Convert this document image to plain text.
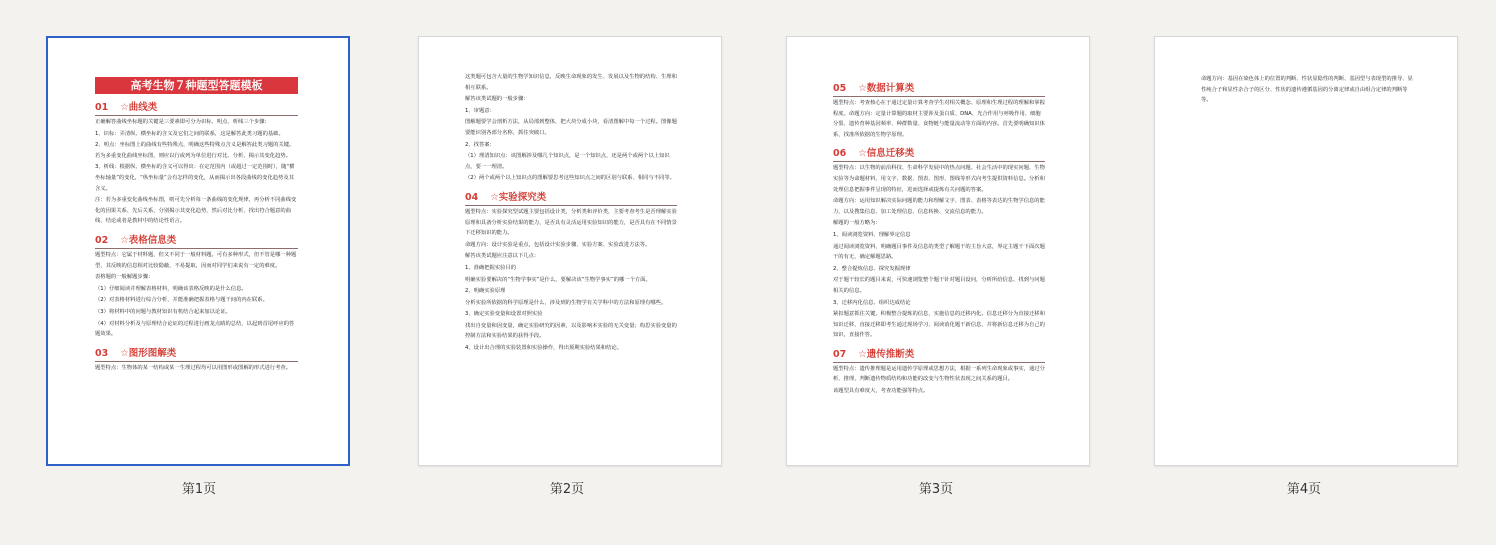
高考生物７种题型答题模板
01 ☆曲线类
正确解答曲线坐标题的关键是三要素即可分为识标、明点、析线三个步骤：
1、识标：弄清纵、横坐标的含义及它们之间的联系，这是解答此类习题的基础。
2、明点：坐标图上的曲线有些特殊点，明确这些特殊点含义是解答此类习题的关键。若为多重变化曲线坐标图，则应以行或列为单位进行对比、分析，揭示其变化趋势。
3、析线：根据纵、横坐标的含义可以得出：在定范围内（或超过一定范围时），随“横坐标轴量”的变化，“纵坐标量”会有怎样的变化，从而揭示出各段曲线的变化趋势及其含义。
注：若为多重变化曲线坐标图，则可先分析每一条曲线的变化规律，再分析不同曲线变化的因果关系、先后关系，分别揭示其变化趋势，然后对比分析，找出符合题意的曲线、结论或者是教材中的结论性语言。
02 ☆表格信息类
题型特点：它属于材料题，但又不同于一般材料题。可有多种形式，但不管是哪一种题型，其反映的信息相对比较隐蔽，不易提取，因而对同学们来说有一定的难度。
表格题的一般解题步骤：
（1）仔细阅读并理解表格材料，明确该表格反映的是什么信息。
（2）对表格材料进行综合分析，并能准确把握表格与题干间的内在联系。
（3）将材料中的问题与教材知识有机结合起来加以论证。
（4）对材料分析及与原理结合论证的过程进行画龙点睛的总结，以起到首尾呼应的答题效果。
03 ☆图形图解类
题型特点：生物体的某一结构或某一生理过程均可以用图形或图解的形式进行考查。
第1页
这类题可包含大量的生物学知识信息，反映生命现象的发生、发展以及生物的结构、生理和相互联系。
解答该类试题的一般步骤：
1、审题意：
图解题要学会剖析方法，从局部到整体，把大块分成小块，看清图解中每一个过程。图像题要能识别各部分名称，抓住突破口。
2、找答案：
（1）理清知识点：该图解涉及哪几个知识点，是一个知识点，还是两个或两个以上知识点，要一一理清。
（2）两个或两个以上知识点的图解要思考这些知识点之间的区别与联系、相同与不同等。
04 ☆实验探究类
题型特点：实验探究型试题主要包括设计类，分析类和评价类，主要考查考生是否理解实验原理和具备分析实验结果的能力，是否具有灵活运用实验知识的能力，是否具有在不同情景下迁移知识的能力。
命题方向：设计实验是重点，包括设计实验步骤、实验方案、实验改进方法等。
解答该类试题应注意以下几点：
1、准确把握实验目的
明确实验要解决的“生物学事实”是什么，要解决该“生物学事实”的哪一个方面。
2、明确实验原理
分析实验所依据的科学原理是什么，涉及到的生物学有关学科中的方法和原理有哪些。
3、确定实验变量和设置对照实验
找出自变量和因变量，确定实验研究的因素，以及影响本实验的无关变量；构思实验变量的控制方法和实验结果的获得手段。
4、设计出合理的实验装置和实验操作，得出预期实验结果和结论。
第2页
05 ☆数据计算类
题型特点：考查核心在于通过定量计算考查学生对相关概念、原理和生理过程的理解和掌握程度。命题方向：定量计算题的取材主要涉及蛋白质、DNA、光合作用与呼吸作用、细胞分裂、遗传育种基因频率、种群数量、食物链与能量流动等方面的内容。首先要明确知识体系，找准所依据的生物学原理。
06 ☆信息迁移类
题型特点：以生物的前沿科技、生命科学发展中的热点问题、社会生活中的现实问题、生物实验等为命题材料，用文字、数据、图表、图形、图线等形式向考生提供资料信息。分析和处理信息把握事件呈现的特征，进而选择或提炼有关问题的答案。
命题方向：运用知识解决实际问题的能力和理解文字、图表、表格等表达的生物学信息的能力，以及搜集信息、加工处理信息、信息转换、交流信息的能力。
解题的一般方略为：
1、阅读浏览资料、理解界定信息
通过阅读浏览资料，明确题目事件及信息的类型了解题干的主旨大意，界定主题干下面次题干的有无，确定解题思路。
2、整合提炼信息、探究发掘规律
对于题干较长的题目来说，可快速浏览整个题干针对题目设问，分析所给信息，找到与问题相关的信息。
3、迁移内化信息、组织达成结论
紧扣题意抓住关键，积极整合提炼的信息，实施信息的迁移内化。信息迁移分为直接迁移和知识迁移，直接迁移即考生通过现场学习、阅读消化题干新信息，并将新信息迁移为自己的知识，直接作答。
07 ☆遗传推断类
题型特点：遗传推理题是运用遗传学原理或思想方法，根据一系列生命现象或事实，通过分析、推理，判断遗传物质结构和功能的改变与生物性状表现之间关系的题目。
该题型具有难度大，考查功能强等特点。
第3页
命题方向：基因在染色体上的位置的判断、性状显隐性的判断、基因型与表现型的推导、显性纯合子和显性杂合子的区分、性状的遗传遵循基因的分离定律或自由组合定律的判断等等。
第4页
